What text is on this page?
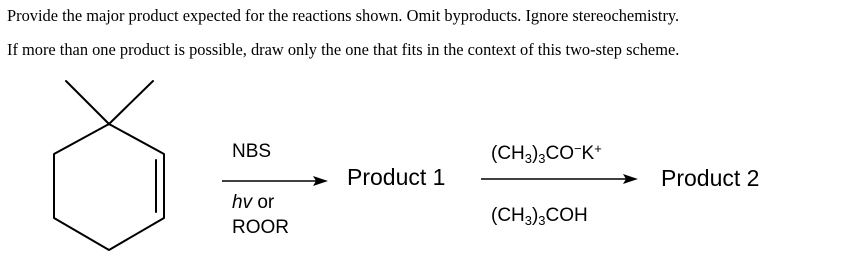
Provide the major product expected for the reactions shown. Omit byproducts. Ignore stereochemistry.

If more than one product is possible, draw only the one that fits in the context of this two-step scheme.

NBS
hv or
ROOR
Product 1
$(CH_3)_3CO^-K^+$
$(CH_3)_3COH$
Product 2
